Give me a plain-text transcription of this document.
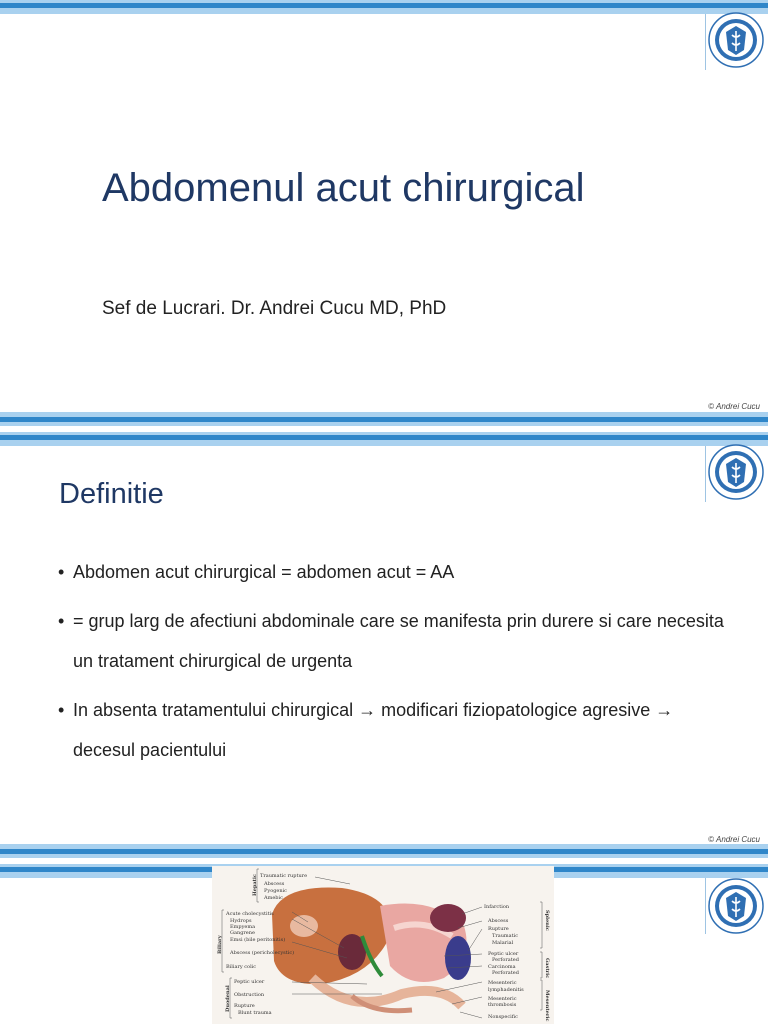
Abdomenul acut chirurgical

Sef de Lucrari. Dr. Andrei Cucu MD, PhD

© Andrei Cucu
Definitie
• Abdomen acut chirurgical = abdomen acut = AA
• = grup larg de afectiuni abdominale care se manifesta prin durere si care necesita un tratament chirurgical de urgenta
• In absenta tratamentului chirurgical → modificari fiziopatologice agresive → decesul pacientului
© Andrei Cucu
Traumatic rupture
Abscess
Pyogenic
Amebic
Acute cholecystitis
Hydrops
Empyema
Gangrene
Emsi (bile peritonitis)
Abscess (pericholecystic)
Biliary colic
Peptic ulcer
Obstruction
Rupture
Blunt trauma
Hepatic
Biliary
Duodenal
Infarction
Abscess
Rupture
Traumatic
Malarial
Peptic ulcer
Perforated
Carcinoma
Perforated
Mesenteric
lymphadenitis
Mesenteric
thrombosis
Nonspecific
Splenic
Gastric
Mesenteric
